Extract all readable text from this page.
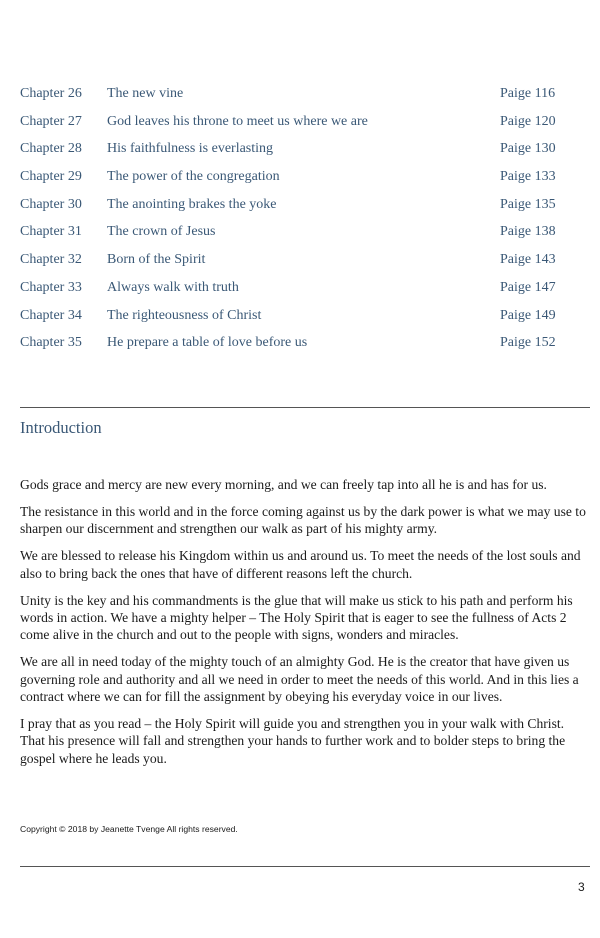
Chapter 26 The new vine	Paige 116
Chapter 27 God leaves his throne to meet us where we are	Paige 120
Chapter 28 His faithfulness is everlasting	Paige 130
Chapter 29 The power of the congregation	Paige 133
Chapter 30 The anointing brakes the yoke	Paige 135
Chapter 31 The crown of Jesus	Paige 138
Chapter 32 Born of the Spirit	Paige 143
Chapter 33 Always walk with truth	Paige 147
Chapter 34 The righteousness of Christ	Paige 149
Chapter 35 He prepare a table of love before us	Paige 152
Introduction

Gods grace and mercy are new every morning, and we can freely tap into all he is and has for us.

The resistance in this world and in the force coming against us by the dark power is what we may use to sharpen our discernment and strengthen our walk as part of his mighty army.

We are blessed to release his Kingdom within us and around us. To meet the needs of the lost souls and also to bring back the ones that have of different reasons left the church.

Unity is the key and his commandments is the glue that will make us stick to his path and perform his words in action. We have a mighty helper – The Holy Spirit that is eager to see the fullness of Acts 2 come alive in the church and out to the people with signs, wonders and miracles.

We are all in need today of the mighty touch of an almighty God. He is the creator that have given us governing role and authority and all we need in order to meet the needs of this world. And in this lies a contract where we can for fill the assignment by obeying his everyday voice in our lives.

I pray that as you read – the Holy Spirit will guide you and strengthen you in your walk with Christ. That his presence will fall and strengthen your hands to further work and to bolder steps to bring the gospel where he leads you.

Copyright © 2018 by Jeanette Tvenge All rights reserved.
3
